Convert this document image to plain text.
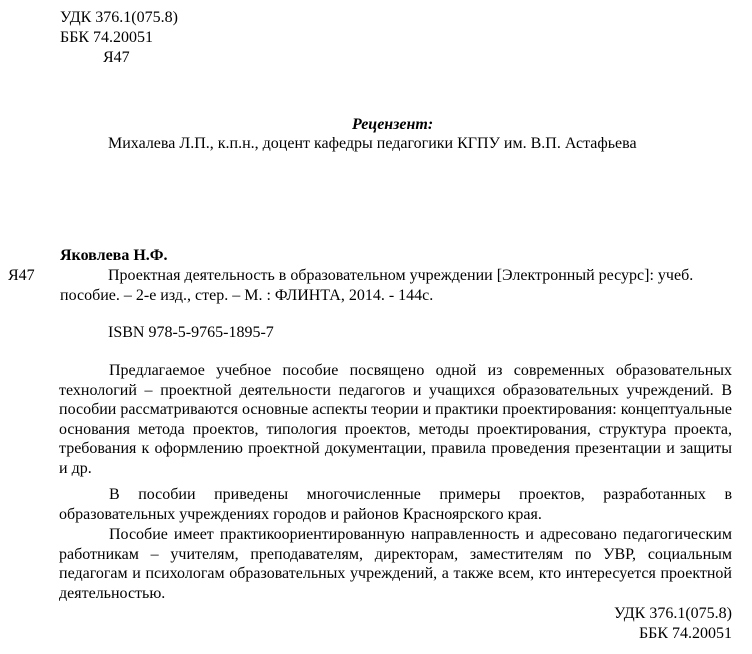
УДК 376.1(075.8)
ББК 74.20051
Я47
Рецензент:
Михалева Л.П., к.п.н., доцент кафедры педагогики КГПУ им. В.П. Астафьева
Яковлева Н.Ф.
Я47	Проектная деятельность в образовательном учреждении [Электронный ресурс]: учеб.
пособие. – 2-е изд., стер. – М. : ФЛИНТА, 2014. - 144с.
ISBN 978-5-9765-1895-7

Предлагаемое учебное пособие посвящено одной из современных образовательных технологий – проектной деятельности педагогов и учащихся образовательных учреждений. В пособии рассматриваются основные аспекты теории и практики проектирования: концептуальные основания метода проектов, типология проектов, методы проектирования, структура проекта, требования к оформлению проектной документации, правила проведения презентации и защиты и др.

В пособии приведены многочисленные примеры проектов, разработанных в образовательных учреждениях городов и районов Красноярского края.

Пособие имеет практикоориентированную направленность и адресовано педагогическим работникам – учителям, преподавателям, директорам, заместителям по УВР, социальным педагогам и психологам образовательных учреждений, а также всем, кто интересуется проектной деятельностью.

УДК 376.1(075.8)
ББК 74.20051
